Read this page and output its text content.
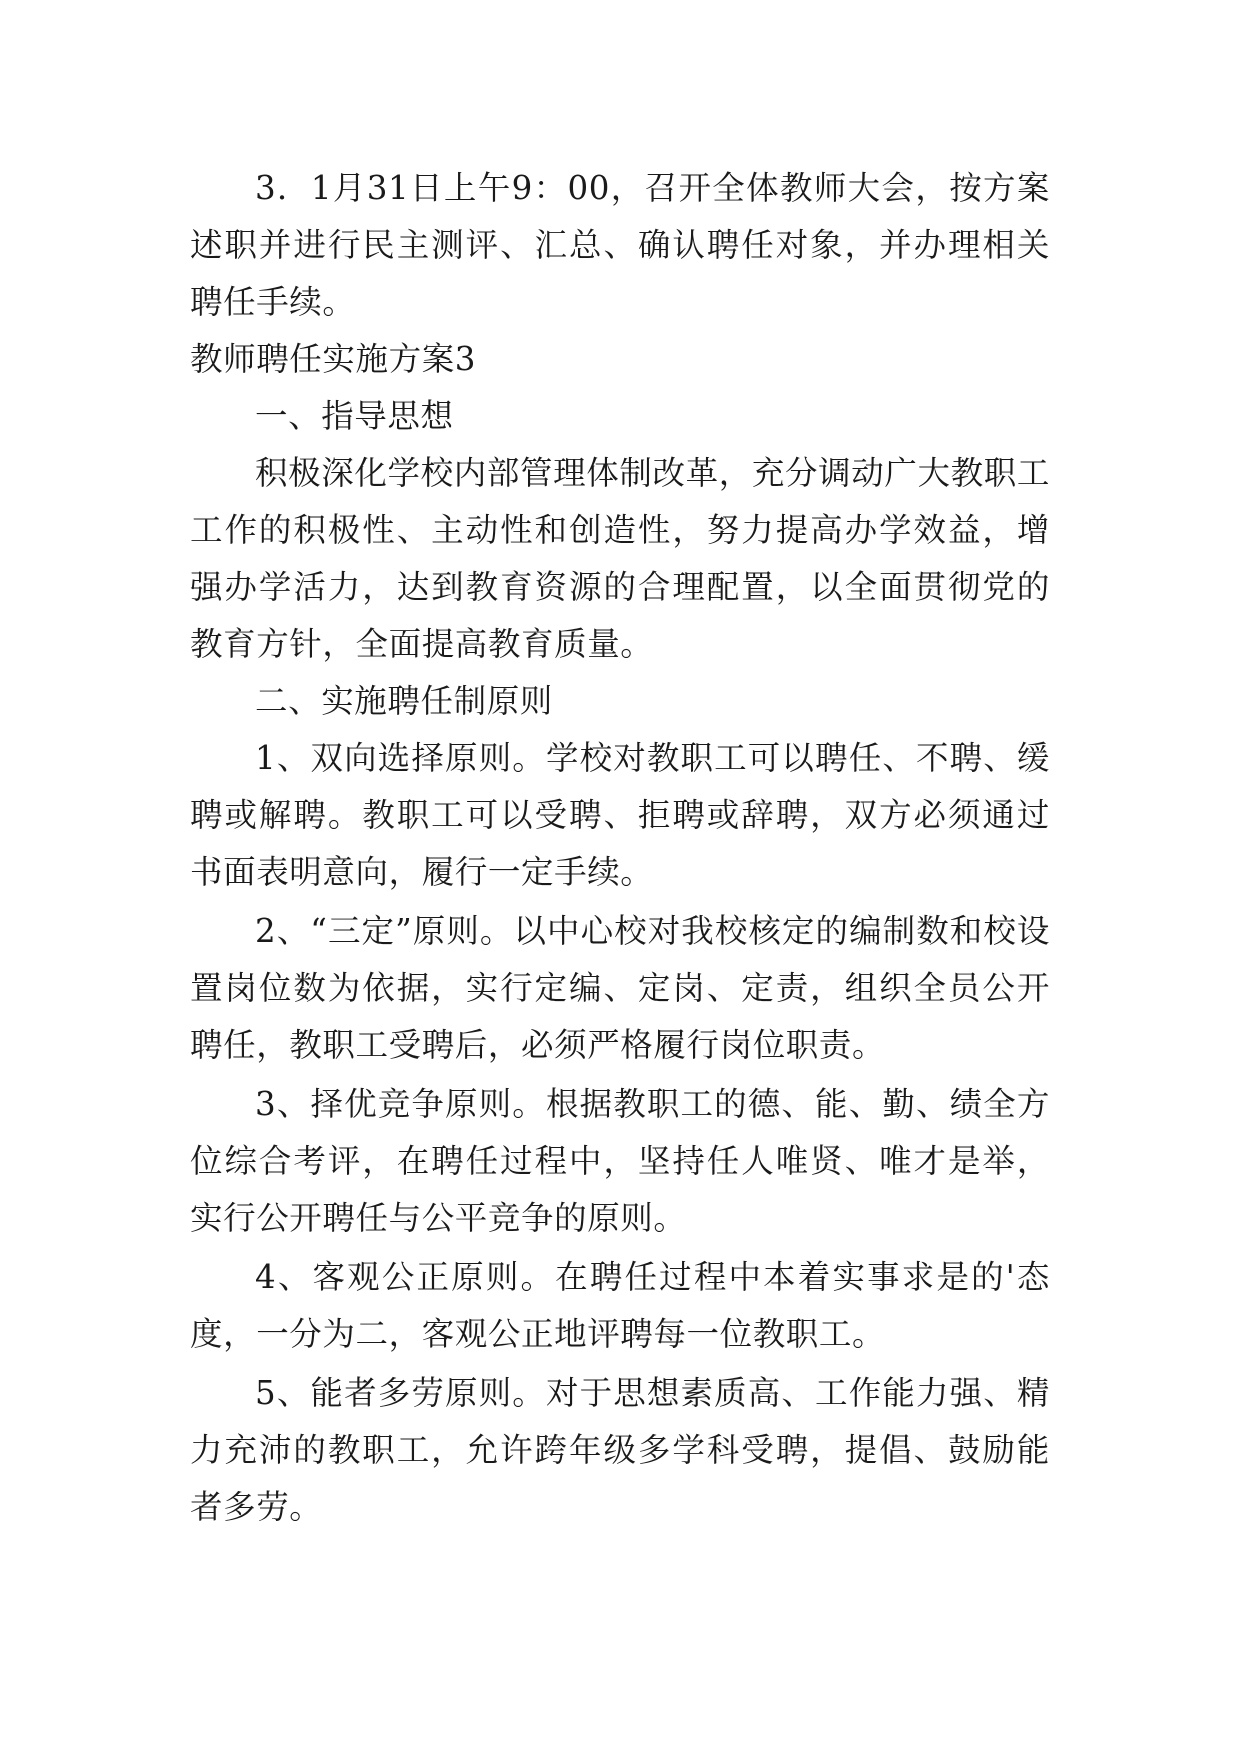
3．1月31日上午9：00，召开全体教师大会，按方案述职并进行民主测评、汇总、确认聘任对象，并办理相关聘任手续。

教师聘任实施方案3

一、指导思想

积极深化学校内部管理体制改革，充分调动广大教职工工作的积极性、主动性和创造性，努力提高办学效益，增强办学活力，达到教育资源的合理配置，以全面贯彻党的教育方针，全面提高教育质量。

二、实施聘任制原则

1、双向选择原则。学校对教职工可以聘任、不聘、缓聘或解聘。教职工可以受聘、拒聘或辞聘，双方必须通过书面表明意向，履行一定手续。

2、“三定”原则。以中心校对我校核定的编制数和校设置岗位数为依据，实行定编、定岗、定责，组织全员公开聘任，教职工受聘后，必须严格履行岗位职责。

3、择优竞争原则。根据教职工的德、能、勤、绩全方位综合考评，在聘任过程中，坚持任人唯贤、唯才是举，实行公开聘任与公平竞争的原则。

4、客观公正原则。在聘任过程中本着实事求是的'态度，一分为二，客观公正地评聘每一位教职工。

5、能者多劳原则。对于思想素质高、工作能力强、精力充沛的教职工，允许跨年级多学科受聘，提倡、鼓励能者多劳。
